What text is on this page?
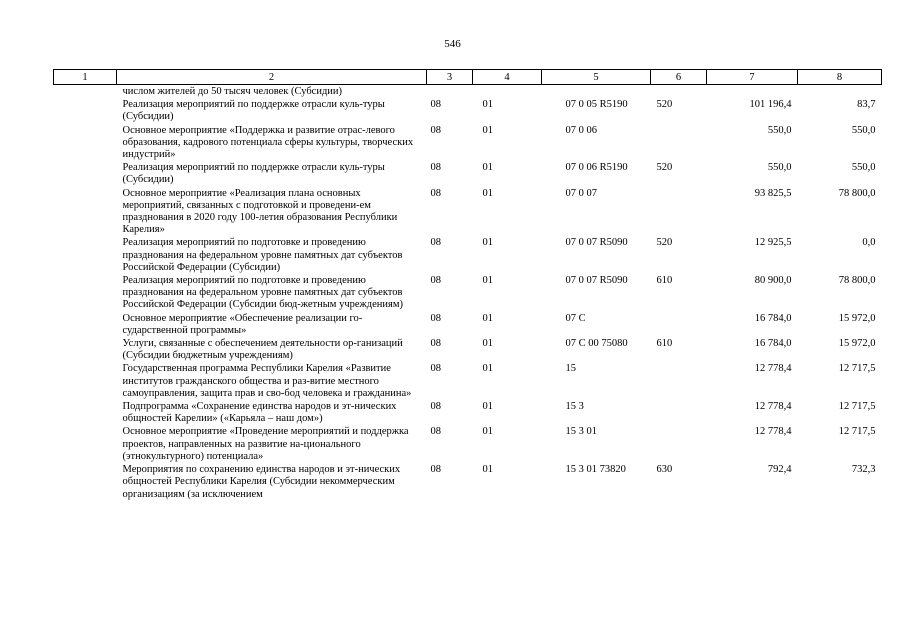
546
1	2	3	4	5	6	7	8
	числом жителей до 50 тысяч человек (Субсидии)						
	Реализация мероприятий по поддержке отрасли куль-туры (Субсидии)	08	01	07 0 05 R5190	520	101 196,4	83,7
	Основное мероприятие «Поддержка и развитие отрас-левого образования, кадрового потенциала сферы культуры, творческих индустрий»	08	01	07 0 06		550,0	550,0
	Реализация мероприятий по поддержке отрасли куль-туры (Субсидии)	08	01	07 0 06 R5190	520	550,0	550,0
	Основное мероприятие «Реализация плана основных мероприятий, связанных с подготовкой и проведени-ем празднования в 2020 году 100-летия образования Республики Карелия»	08	01	07 0 07		93 825,5	78 800,0
	Реализация мероприятий по подготовке и проведению празднования на федеральном уровне памятных дат субъектов Российской Федерации (Субсидии)	08	01	07 0 07 R5090	520	12 925,5	0,0
	Реализация мероприятий по подготовке и проведению празднования на федеральном уровне памятных дат субъектов Российской Федерации (Субсидии бюд-жетным учреждениям)	08	01	07 0 07 R5090	610	80 900,0	78 800,0
	Основное мероприятие «Обеспечение реализации го-сударственной программы»	08	01	07 С		16 784,0	15 972,0
	Услуги, связанные с обеспечением деятельности ор-ганизаций (Субсидии бюджетным учреждениям)	08	01	07 С 00 75080	610	16 784,0	15 972,0
	Государственная программа Республики Карелия «Развитие институтов гражданского общества и раз-витие местного самоуправления, защита прав и сво-бод человека и гражданина»	08	01	15		12 778,4	12 717,5
	Подпрограмма «Сохранение единства народов и эт-нических общностей Карелии» («Карьяла – наш дом»)	08	01	15 3		12 778,4	12 717,5
	Основное мероприятие «Проведение мероприятий и поддержка проектов, направленных на развитие на-ционального (этнокультурного) потенциала»	08	01	15 3 01		12 778,4	12 717,5
	Мероприятия по сохранению единства народов и эт-нических общностей Республики Карелия (Субсидии некоммерческим организациям (за исключением	08	01	15 3 01 73820	630	792,4	732,3
